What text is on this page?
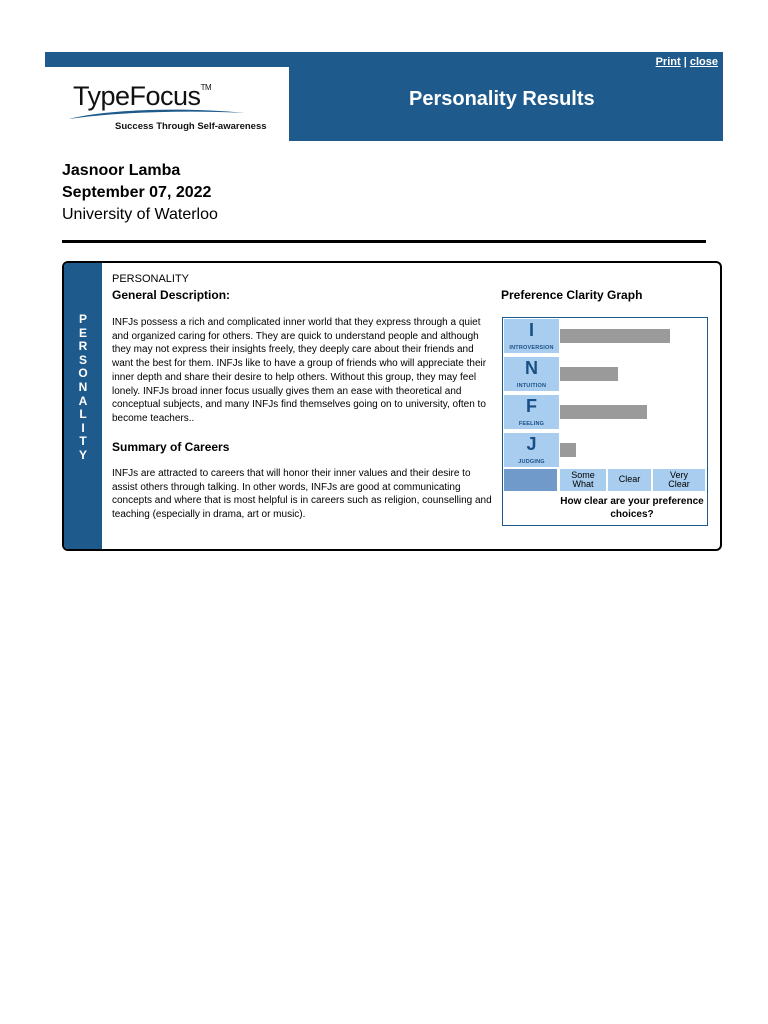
TypeFocus™
Success Through Self-awareness
Print | close
Personality Results
Jasnoor Lamba
September 07, 2022
University of Waterloo
P
E
R
S
O
N
A
L
I
T
Y
PERSONALITY
General Description:
INFJs possess a rich and complicated inner world that they express through a quiet and organized caring for others. They are quick to understand people and although they may not express their insights freely, they deeply care about their friends and want the best for them. INFJs like to have a group of friends who will appreciate their inner depth and share their desire to help others. Without this group, they may feel lonely. INFJs broad inner focus usually gives them an ease with theoretical and conceptual subjects, and many INFJs find themselves going on to university, often to become teachers..
Summary of Careers
INFJs are attracted to careers that will honor their inner values and their desire to assist others through talking. In other words, INFJs are good at communicating concepts and where that is most helpful is in careers such as religion, counselling and teaching (especially in drama, art or music).
Preference Clarity Graph
How clear are your preference choices?
I
INTROVERSION
N
INTUITION
F
FEELING
J
JUDGING
Some What	Clear	Very Clear
